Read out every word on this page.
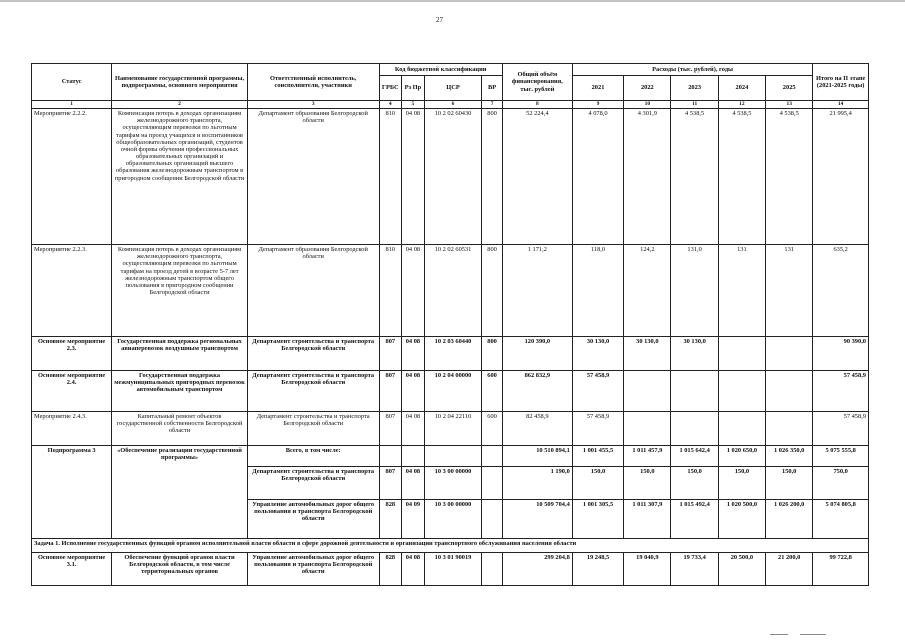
27
Статус	Наименование государственной программы, подпрограммы, основного мероприятия	Ответственный исполнитель, соисполнители, участники	Код бюджетной классификации				Общий объём финансирования, тыс. рублей	Расходы (тыс. рублей), годы					Итого на II этапе (2021-2025 годы)
			ГРБС	Рз Пр	ЦСР	ВР		2021	2022	2023	2024	2025	
1	2	3	4	5	6	7	8	9	10	11	12	13	14
Мероприятие 2.2.2.	Компенсация потерь в доходах организациям железнодорожного транспорта, осуществляющим перевозки по льготным тарифам на проезд учащихся и воспитанников общеобразовательных организаций, студентов очной формы обучения профессиональных образовательных организаций и образовательных организаций высшего образования железнодорожным транспортом в пригородном сообщении Белгородской области	Департамент образования Белгородской области	810	04 08	10 2 02 60430	800	52 224,4	4 078,0	4 301,9	4 538,5	4 538,5	4 538,5	21 995,4
Мероприятие 2.2.3.	Компенсация потерь в доходах организациям железнодорожного транспорта, осуществляющим перевозки по льготным тарифам на проезд детей в возрасте 5-7 лет железнодорожным транспортом общего пользования в пригородном сообщении Белгородской области	Департамент образования Белгородской области	810	04 08	10 2 02 60531	800	1 171,2	118,0	124,2	131,0	131	131	635,2
Основное мероприятие 2.3.	Государственная поддержка региональных авиаперевозок воздушным транспортом	Департамент строительства и транспорта Белгородской области	807	04 08	10 2 03 60440	800	120 390,0	30 130,0	30 130,0	30 130,0			90 390,0
Основное мероприятие 2.4.	Государственная поддержка межмуниципальных пригородных перевозок автомобильным транспортом	Департамент строительства и транспорта Белгородской области	807	04 08	10 2 04 00000	600	862 832,9	57 458,9					57 458,9
Мероприятие 2.4.3.	Капитальный ремонт объектов государственной собственности Белгородской области	Департамент строительства и транспорта Белгородской области	807	04 08	10 2 04 22110	600	82 458,9	57 458,9					57 458,9
Подпрограмма 3	«Обеспечение реализации государственной программы»	Всего, в том числе:					10 510 894,1	1 001 455,5	1 011 457,9	1 015 642,4	1 020 650,0	1 026 350,0	5 075 555,8
		Департамент строительства и транспорта Белгородской области	807	04 08	10 3 00 00000		1 190,0	150,0	150,0	150,0	150,0	150,0	750,0
		Управление автомобильных дорог общего пользования и транспорта Белгородской области	828	04 09	10 3 00 00000		10 509 704,4	1 001 305,5	1 011 307,9	1 015 492,4	1 020 500,0	1 026 200,0	5 074 805,8
Задача 1. Исполнение государственных функций органом исполнительной власти области в сфере дорожной деятельности и организации транспортного обслуживания населения области													
Основное мероприятие 3.1.	Обеспечение функций органов власти Белгородской области, в том числе территориальных органов	Управление автомобильных дорог общего пользования и транспорта Белгородской области	828	04 08	10 3 01 90019		299 204,8	19 248,5	19 040,9	19 733,4	20 500,0	21 200,0	99 722,8
